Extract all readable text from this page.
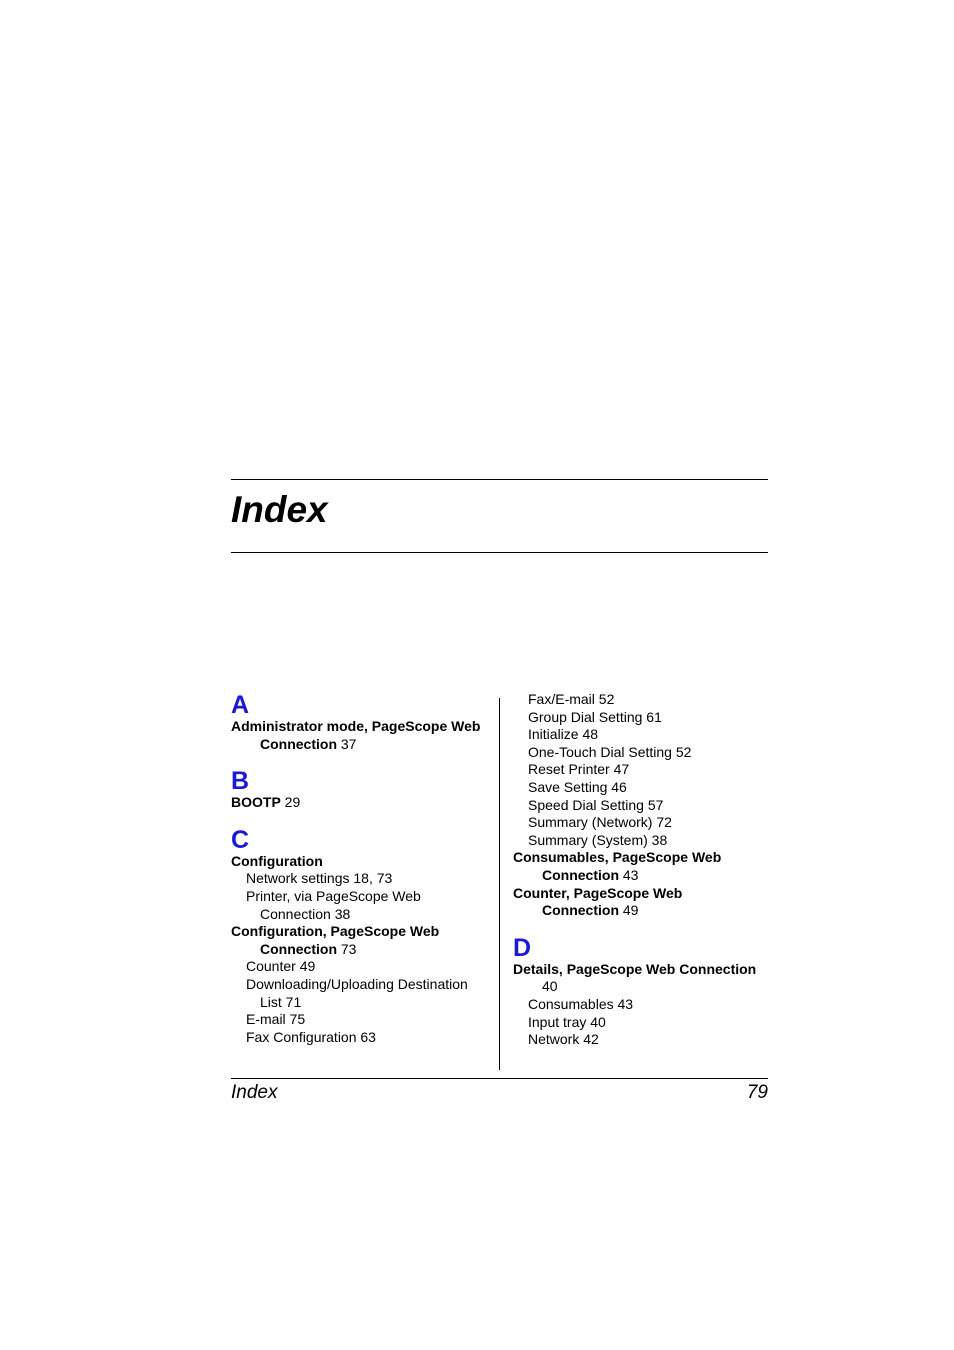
Index
A
Administrator mode, PageScope Web
Connection 37
B
BOOTP 29
C
Configuration
Network settings 18, 73
Printer, via PageScope Web
Connection 38
Configuration, PageScope Web
Connection 73
Counter 49
Downloading/Uploading Destination
List 71
E-mail 75
Fax Configuration 63
Fax/E-mail 52
Group Dial Setting 61
Initialize 48
One-Touch Dial Setting 52
Reset Printer 47
Save Setting 46
Speed Dial Setting 57
Summary (Network) 72
Summary (System) 38
Consumables, PageScope Web
Connection 43
Counter, PageScope Web
Connection 49
D
Details, PageScope Web Connection
40
Consumables 43
Input tray 40
Network 42
Index	79
